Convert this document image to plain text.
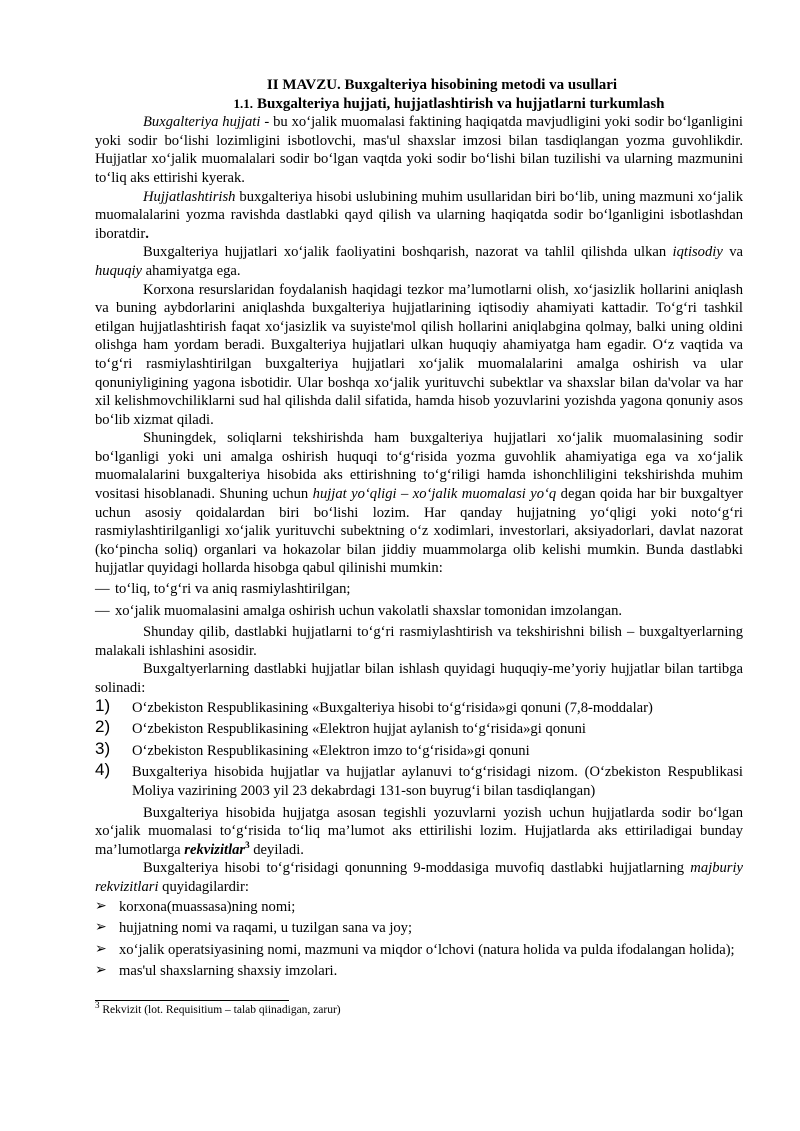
II MAVZU. Buxgalteriya hisobining metodi va usullari

1.1. Buxgalteriya hujjati, hujjatlashtirish va hujjatlarni turkumlash

Buxgalteriya hujjati - bu xo‘jalik muomalasi faktining haqiqatda mavjudligini yoki sodir bo‘lganligini yoki sodir bo‘lishi lozimligini isbotlovchi, mas'ul shaxslar imzosi bilan tasdiqlangan yozma guvohlikdir. Hujjatlar xo‘jalik muomalalari sodir bo‘lgan vaqtda yoki sodir bo‘lishi bilan tuzilishi va ularning mazmunini to‘liq aks ettirishi kyerak.

Hujjatlashtirish buxgalteriya hisobi uslubining muhim usullaridan biri bo‘lib, uning mazmuni xo‘jalik muomalalarini yozma ravishda dastlabki qayd qilish va ularning haqiqatda sodir bo‘lganligini isbotlashdan iboratdir.

Buxgalteriya hujjatlari xo‘jalik faoliyatini boshqarish, nazorat va tahlil qilishda ulkan iqtisodiy va huquqiy ahamiyatga ega.

Korxona resurslaridan foydalanish haqidagi tezkor ma’lumotlarni olish, xo‘jasizlik hollarini aniqlash va buning aybdorlarini aniqlashda buxgalteriya hujjatlarining iqtisodiy ahamiyati kattadir. To‘g‘ri tashkil etilgan hujjatlashtirish faqat xo‘jasizlik va suyiste'mol qilish hollarini aniqlabgina qolmay, balki uning oldini olishga ham yordam beradi. Buxgalteriya hujjatlari ulkan huquqiy ahamiyatga ham egadir. O‘z vaqtida va to‘g‘ri rasmiylashtirilgan buxgalteriya hujjatlari xo‘jalik muomalalarini amalga oshirish va ular qonuniyligining yagona isbotidir. Ular boshqa xo‘jalik yurituvchi subektlar va shaxslar bilan da'volar va har xil kelishmovchiliklarni sud hal qilishda dalil sifatida, hamda hisob yozuvlarini yozishda yagona qonuniy asos bo‘lib xizmat qiladi.

Shuningdek, soliqlarni tekshirishda ham buxgalteriya hujjatlari xo‘jalik muomalasining sodir bo‘lganligi yoki uni amalga oshirish huquqi to‘g‘risida yozma guvohlik ahamiyatiga ega va xo‘jalik muomalalarini buxgalteriya hisobida aks ettirishning to‘g‘riligi hamda ishonchliligini tekshirishda muhim vositasi hisoblanadi. Shuning uchun hujjat yo‘qligi – xo‘jalik muomalasi yo‘q degan qoida har bir buxgaltyer uchun asosiy qoidalardan biri bo‘lishi lozim. Har qanday hujjatning yo‘qligi yoki noto‘g‘ri rasmiylashtirilganligi xo‘jalik yurituvchi subektning o‘z xodimlari, investorlari, aksiyadorlari, davlat nazorat (ko‘pincha soliq) organlari va hokazolar bilan jiddiy muammolarga olib kelishi mumkin. Bunda dastlabki hujjatlar quyidagi hollarda hisobga qabul qilinishi mumkin:

— to‘liq, to‘g‘ri va aniq rasmiylashtirilgan;

— xo‘jalik muomalasini amalga oshirish uchun vakolatli shaxslar tomonidan imzolangan.

Shunday qilib, dastlabki hujjatlarni to‘g‘ri rasmiylashtirish va tekshirishni bilish – buxgaltyerlarning malakali ishlashini asosidir.

Buxgaltyerlarning dastlabki hujjatlar bilan ishlash quyidagi huquqiy-me’yoriy hujjatlar bilan tartibga solinadi:

1) O‘zbekiston Respublikasining «Buxgalteriya hisobi to‘g‘risida»gi qonuni (7,8-moddalar)
2) O‘zbekiston Respublikasining «Elektron hujjat aylanish to‘g‘risida»gi qonuni
3) O‘zbekiston Respublikasining «Elektron imzo to‘g‘risida»gi qonuni
4) Buxgalteriya hisobida hujjatlar va hujjatlar aylanuvi to‘g‘risidagi nizom. (O‘zbekiston Respublikasi Moliya vazirining 2003 yil 23 dekabrdagi 131-son buyrug‘i bilan tasdiqlangan)

Buxgalteriya hisobida hujjatga asosan tegishli yozuvlarni yozish uchun hujjatlarda sodir bo‘lgan xo‘jalik muomalasi to‘g‘risida to‘liq ma’lumot aks ettirilishi lozim. Hujjatlarda aks ettiriladigai bunday ma’lumotlarga rekvizitlar$^3$ deyiladi.

Buxgalteriya hisobi to‘g‘risidagi qonunning 9-moddasiga muvofiq dastlabki hujjatlarning majburiy rekvizitlari quyidagilardir:

➢ korxona(muassasa)ning nomi;
➢ hujjatning nomi va raqami, u tuzilgan sana va joy;
➢ xo‘jalik operatsiyasining nomi, mazmuni va miqdor o‘lchovi (natura holida va pulda ifodalangan holida);
➢ mas'ul shaxslarning shaxsiy imzolari.
$^3$ Rekvizit (lot. Requisitium – talab qiinadigan, zarur)
